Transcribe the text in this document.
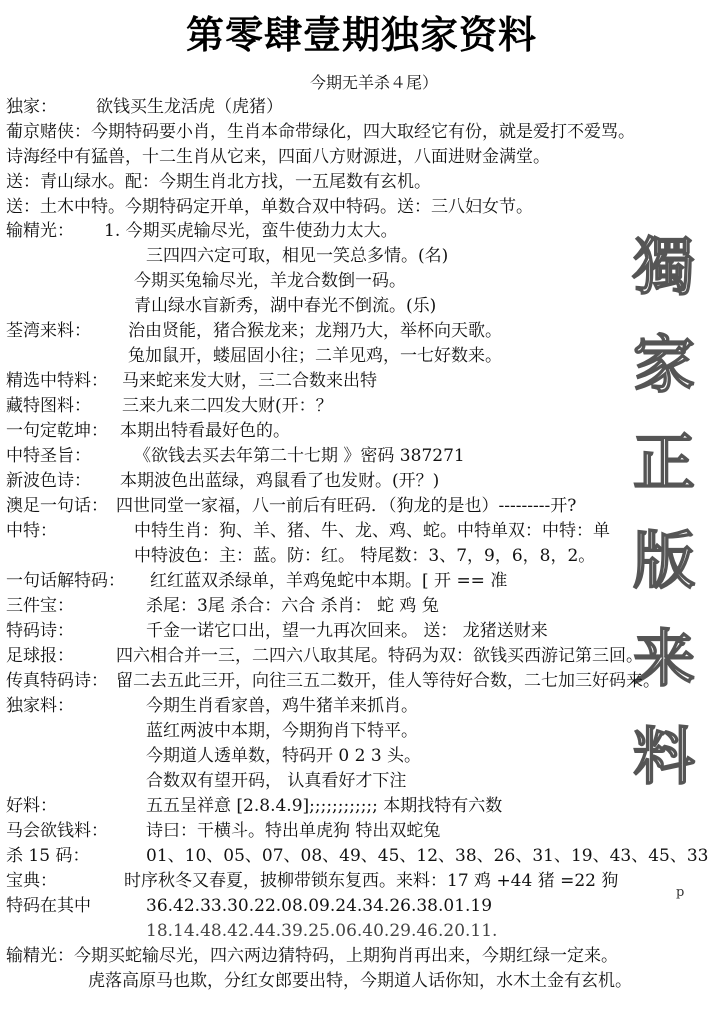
第零肆壹期独家资料
今期无羊杀４尾）
獨
家
正
版
来
料
独家： 欲钱买生龙活虎（虎猪）
葡京赌侠：今期特码要小肖，生肖本命带绿化，四大取经它有份，就是爱打不爱骂。
诗海经中有猛兽，十二生肖从它来，四面八方财源进，八面进财金满堂。
送：青山绿水。配：今期生肖北方找，一五尾数有玄机。
送：土木中特。今期特码定开单，单数合双中特码。送：三八妇女节。
输精光： 1. 今期买虎输尽光，蛮牛使劲力太大。
三四四六定可取，相见一笑总多情。(名)
今期买兔输尽光，羊龙合数倒一码。
青山绿水盲新秀，湖中春光不倒流。(乐)
荃湾来料： 治由贤能，猪合猴龙来；龙翔乃大，举杯向天歌。
兔加鼠开，蝼屈固小往；二羊见鸡，一七好数来。
精选中特料： 马来蛇来发大财，三二合数来出特
藏特图料： 三来九来二四发大财(开：？
一句定乾坤： 本期出特看最好色的。
中特圣旨：	《欲钱去买去年第二十七期 》密码 387271
新波色诗： 本期波色出蓝绿，鸡鼠看了也发财。(开？)
澳足一句话： 四世同堂一家福，八一前后有旺码．（狗龙的是也）---------开?
中特：	中特生肖：狗、羊、猪、牛、龙、鸡、蛇。中特单双：中特：单
中特波色：主：蓝。防：红。 特尾数：3、7，9，6，8，2。
一句话解特码： 红红蓝双杀绿单，羊鸡兔蛇中本期。[ 开 == 准
三件宝：	杀尾：3尾 杀合：六合 杀肖： 蛇 鸡 兔
特码诗：	千金一诺它口出，望一九再次回来。 送： 龙猪送财来
足球报： 四六相合并一三，二四六八取其尾。特码为双：欲钱买西游记第三回。
传真特码诗： 留二去五此三开，向往三五二数开，佳人等待好合数，二七加三好码来。
独家料：	今期生肖看家兽，鸡牛猪羊来抓肖。
蓝红两波中本期，今期狗肖下特平。
今期道人透单数，特码开 0 2 3 头。
合数双有望开码， 认真看好才下注
好料：	五五呈祥意 [2.8.4.9];;;;;;;;;;;; 本期找特有六数
马会欲钱料： 诗曰：干横斗。特出单虎狗 特出双蛇兔
杀 15 码：	01、10、05、07、08、49、45、12、38、26、31、19、43、45、33
宝典：	时序秋冬又春夏，披柳带锁东复西。来料：17 鸡 +44 猪 =22 狗
特码在其中	36.42.33.30.22.08.09.24.34.26.38.01.19
p
18.14.48.42.44.39.25.06.40.29.46.20.11.
输精光：今期买蛇输尽光，四六两边猜特码，上期狗肖再出来，今期红绿一定来。
虎落高原马也欺，分红女郎要出特，今期道人话你知，水木土金有玄机。
